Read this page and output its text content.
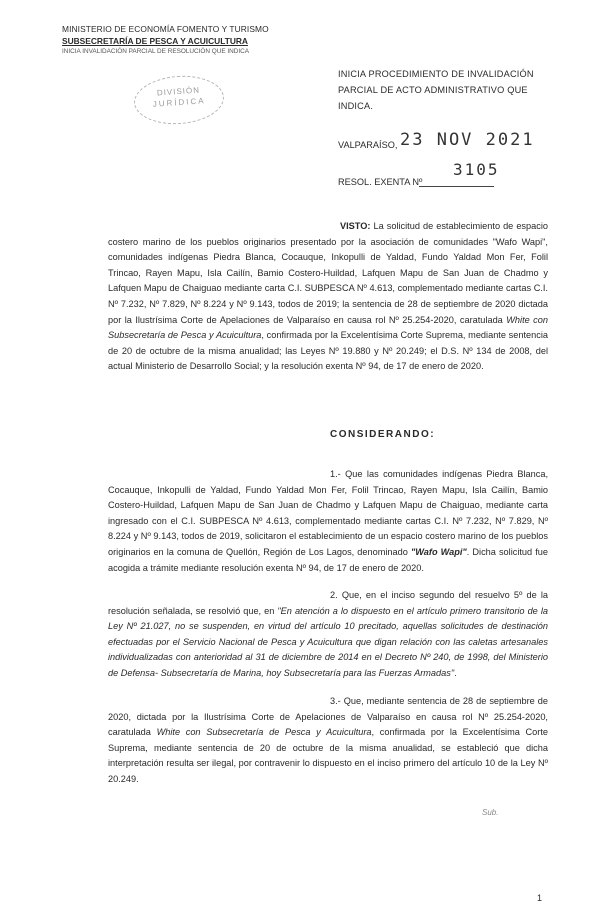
MINISTERIO DE ECONOMÍA FOMENTO Y TURISMO
SUBSECRETARÍA DE PESCA Y ACUICULTURA
INICIA INVALIDACIÓN PARCIAL DE RESOLUCIÓN QUE INDICA
DIVISIÓN
JURÍDICA
INICIA PROCEDIMIENTO DE INVALIDACIÓN PARCIAL DE ACTO ADMINISTRATIVO QUE INDICA.
VALPARAÍSO, 23 NOV 2021
RESOL. EXENTA Nº
3105
VISTO: La solicitud de establecimiento de espacio costero marino de los pueblos originarios presentado por la asociación de comunidades "Wafo Wapi", comunidades indígenas Piedra Blanca, Cocauque, Inkopulli de Yaldad, Fundo Yaldad Mon Fer, Folil Trincao, Rayen Mapu, Isla Cailín, Bamio Costero-Huildad, Lafquen Mapu de San Juan de Chadmo y Lafquen Mapu de Chaiguao mediante carta C.I. SUBPESCA Nº 4.613, complementado mediante cartas C.I. Nº 7.232, Nº 7.829, Nº 8.224 y Nº 9.143, todos de 2019; la sentencia de 28 de septiembre de 2020 dictada por la Ilustrísima Corte de Apelaciones de Valparaíso en causa rol Nº 25.254-2020, caratulada White con Subsecretaría de Pesca y Acuicultura, confirmada por la Excelentísima Corte Suprema, mediante sentencia de 20 de octubre de la misma anualidad; las Leyes Nº 19.880 y Nº 20.249; el D.S. Nº 134 de 2008, del actual Ministerio de Desarrollo Social; y la resolución exenta Nº 94, de 17 de enero de 2020.
CONSIDERANDO:
1.- Que las comunidades indígenas Piedra Blanca, Cocauque, Inkopulli de Yaldad, Fundo Yaldad Mon Fer, Folil Trincao, Rayen Mapu, Isla Cailín, Bamio Costero-Huildad, Lafquen Mapu de San Juan de Chadmo y Lafquen Mapu de Chaiguao, mediante carta ingresado con el C.I. SUBPESCA Nº 4.613, complementado mediante cartas C.I. Nº 7.232, Nº 7.829, Nº 8.224 y Nº 9.143, todos de 2019, solicitaron el establecimiento de un espacio costero marino de los pueblos originarios en la comuna de Quellón, Región de Los Lagos, denominado "Wafo Wapi". Dicha solicitud fue acogida a trámite mediante resolución exenta Nº 94, de 17 de enero de 2020.
2. Que, en el inciso segundo del resuelvo 5º de la resolución señalada, se resolvió que, en "En atención a lo dispuesto en el artículo primero transitorio de la Ley Nº 21.027, no se suspenden, en virtud del artículo 10 precitado, aquellas solicitudes de destinación efectuadas por el Servicio Nacional de Pesca y Acuicultura que digan relación con las caletas artesanales individualizadas con anterioridad al 31 de diciembre de 2014 en el Decreto Nº 240, de 1998, del Ministerio de Defensa- Subsecretaría de Marina, hoy Subsecretaría para las Fuerzas Armadas".
3.- Que, mediante sentencia de 28 de septiembre de 2020, dictada por la Ilustrísima Corte de Apelaciones de Valparaíso en causa rol Nº 25.254-2020, caratulada White con Subsecretaría de Pesca y Acuicultura, confirmada por la Excelentísima Corte Suprema, mediante sentencia de 20 de octubre de la misma anualidad, se estableció que dicha interpretación resulta ser ilegal, por contravenir lo dispuesto en el inciso primero del artículo 10 de la Ley Nº 20.249.
Sub.
1
